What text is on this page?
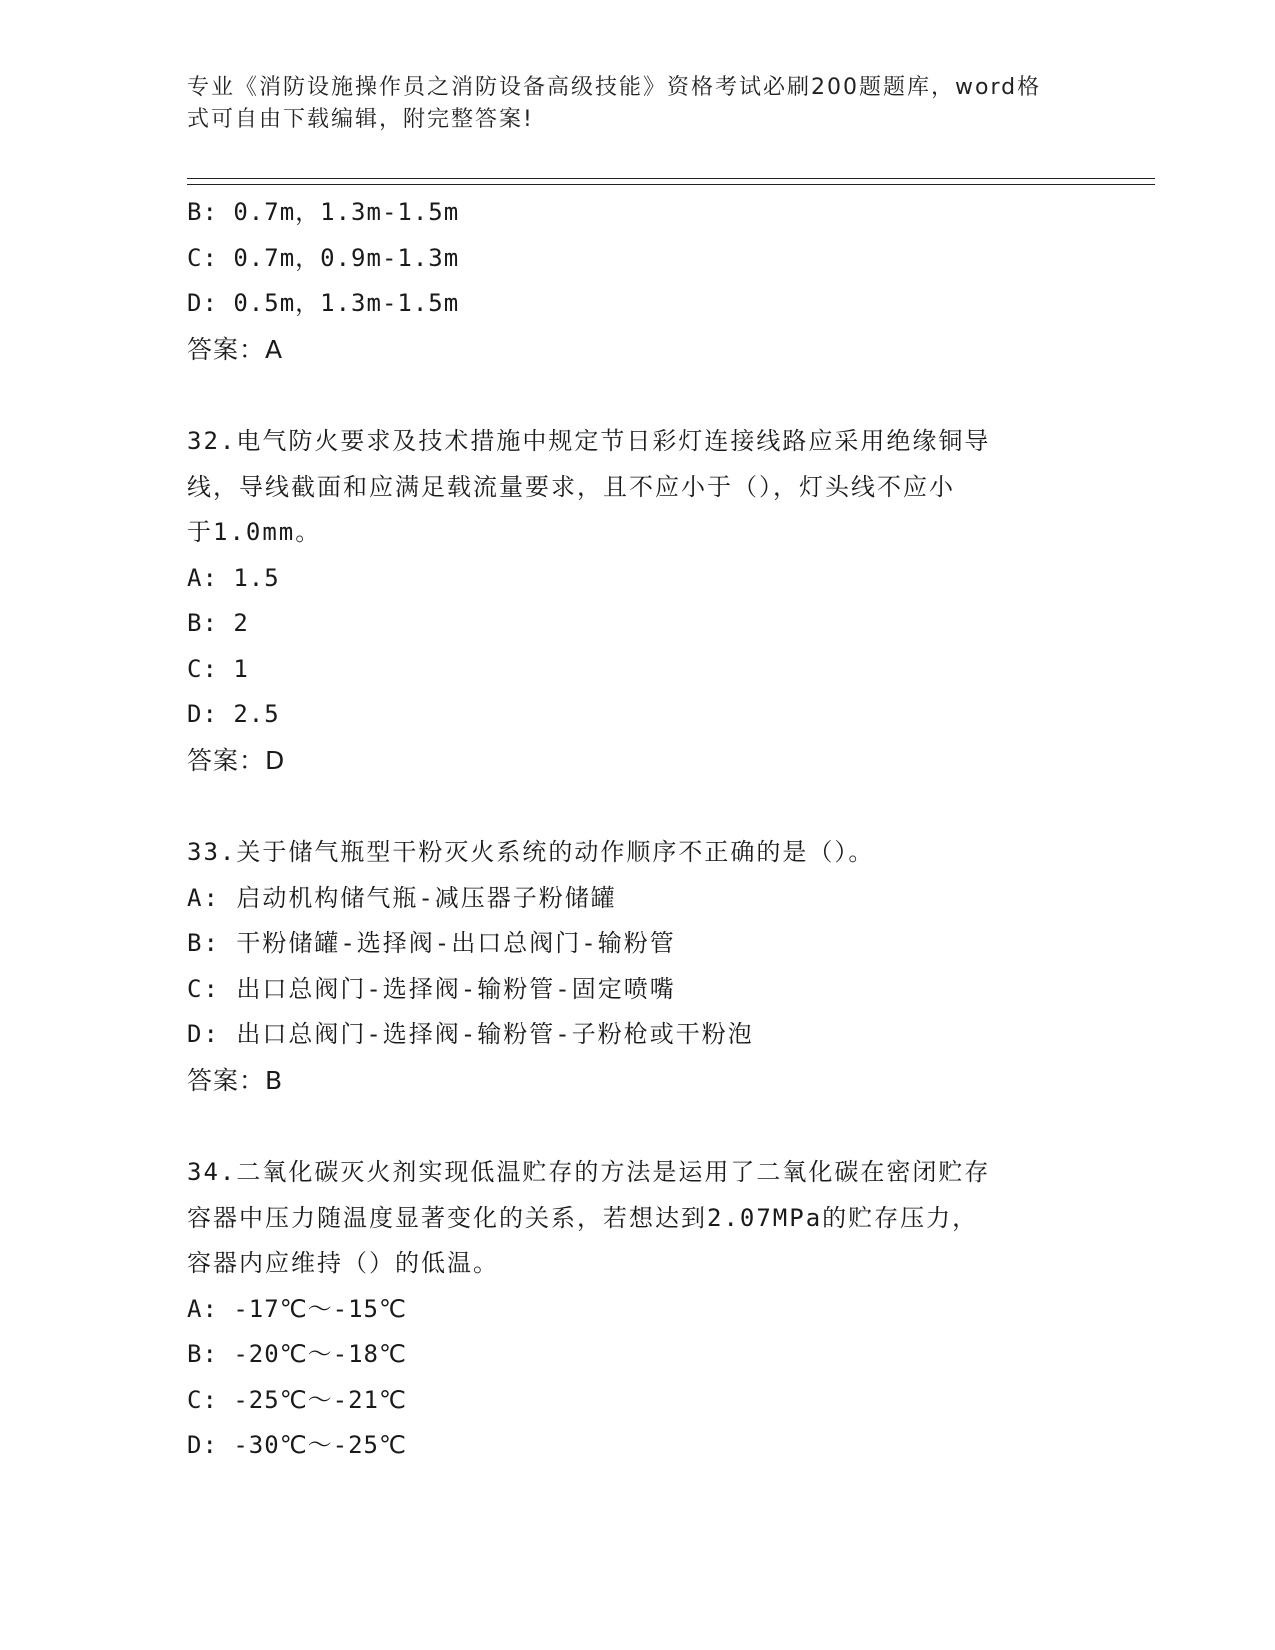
专业《消防设施操作员之消防设备高级技能》资格考试必刷200题题库，word格
式可自由下载编辑，附完整答案!
B: 0.7m，1.3m-1.5m
C: 0.7m，0.9m-1.3m
D: 0.5m，1.3m-1.5m
答案：A
32.电气防火要求及技术措施中规定节日彩灯连接线路应采用绝缘铜导
线，导线截面和应满足载流量要求，且不应小于（），灯头线不应小
于1.0mm。
A: 1.5
B: 2
C: 1
D: 2.5
答案：D
33.关于储气瓶型干粉灭火系统的动作顺序不正确的是（）。
A: 启动机构储气瓶-减压器子粉储罐
B: 干粉储罐-选择阀-出口总阀门-输粉管
C: 出口总阀门-选择阀-输粉管-固定喷嘴
D: 出口总阀门-选择阀-输粉管-子粉枪或干粉泡
答案：B
34.二氧化碳灭火剂实现低温贮存的方法是运用了二氧化碳在密闭贮存
容器中压力随温度显著变化的关系，若想达到2.07MPa的贮存压力，
容器内应维持（）的低温。
A: -17℃～-15℃
B: -20℃～-18℃
C: -25℃～-21℃
D: -30℃～-25℃
